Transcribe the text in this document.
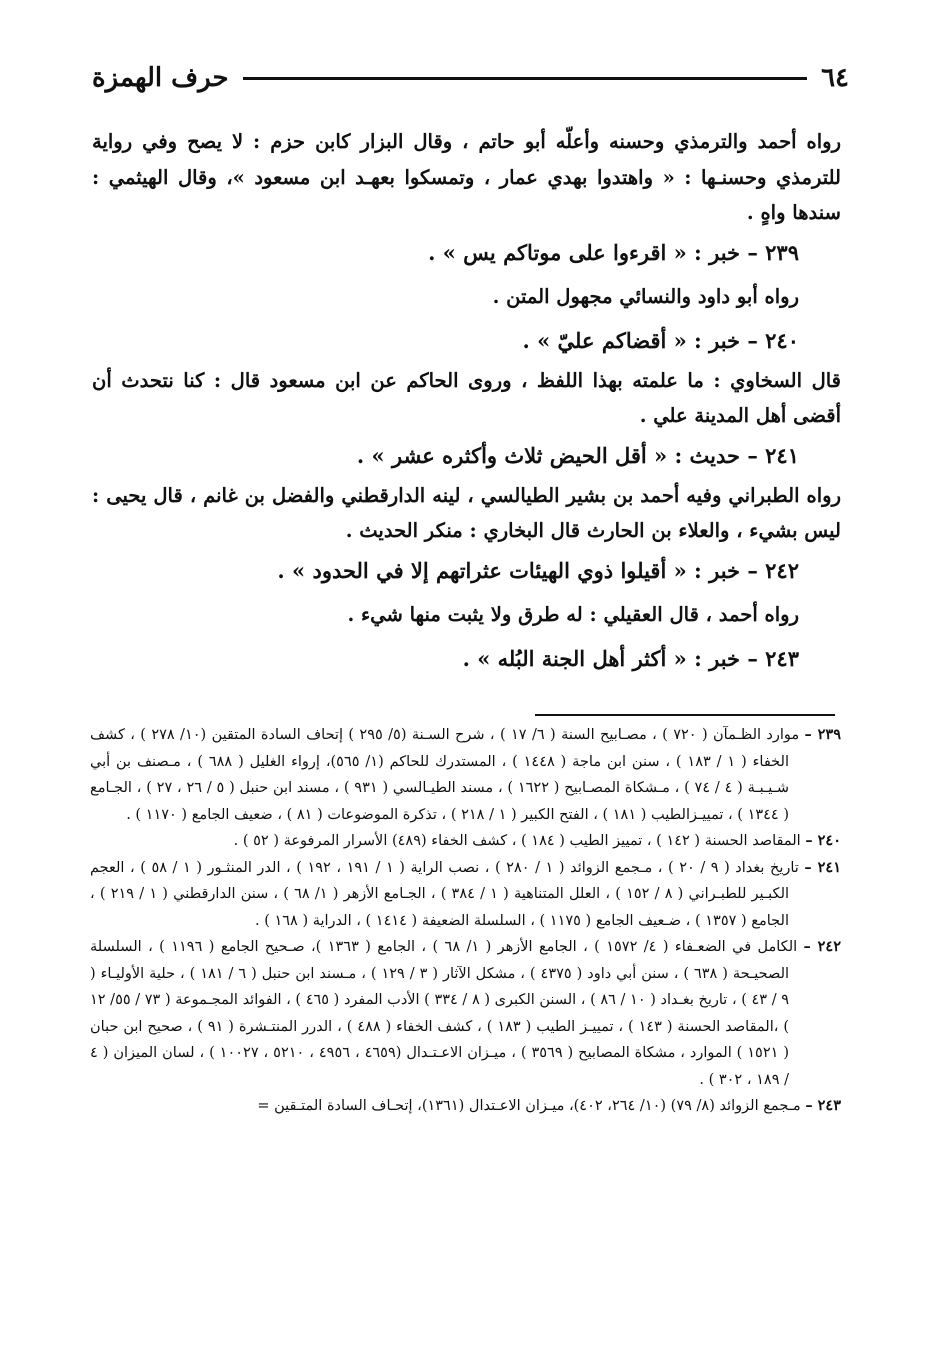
٦٤
حرف الهمزة
رواه أحمد والترمذي وحسنه وأعلّه أبو حاتم ، وقال البزار كابن حزم : لا يصح وفي رواية للترمذي وحسنـها : « واهتدوا بهدي عمار ، وتمسكوا بعهـد ابن مسعود »، وقال الهيثمي : سندها واهٍ .
٢٣٩ – خبر : « اقرءوا على موتاكم يس » .
رواه أبو داود والنسائي مجهول المتن .
٢٤٠ – خبر : « أقضاكم عليّ » .
قال السخاوي : ما علمته بهذا اللفظ ، وروى الحاكم عن ابن مسعود قال : كنا نتحدث أن أقضى أهل المدينة علي .
٢٤١ – حديث : « أقل الحيض ثلاث وأكثره عشر » .
رواه الطبراني وفيه أحمد بن بشير الطيالسي ، لينه الدارقطني والفضل بن غانم ، قال يحيى : ليس بشيء ، والعلاء بن الحارث قال البخاري : منكر الحديث .
٢٤٢ – خبر : « أقيلوا ذوي الهيئات عثراتهم إلا في الحدود » .
رواه أحمد ، قال العقيلي : له طرق ولا يثبت منها شيء .
٢٤٣ – خبر : « أكثر أهل الجنة البُله » .
٢٣٩ – موارد الظـمآن ( ٧٢٠ ) ، مصـابيح السنة ( ٦/ ١٧ ) ، شرح السـنة (٥/ ٢٩٥ ) إتحاف السادة المتقين (١٠/ ٢٧٨ ) ، كشف الخفاء ( ١ / ١٨٣ ) ، سنن ابن ماجة ( ١٤٤٨ ) ، المستدرك للحاكم (١/ ٥٦٥)، إرواء الغليل ( ٦٨٨ ) ، مـصنف بن أبي شـيـبـة ( ٤ / ٧٤ ) ، مـشكاة المصـابيح ( ١٦٢٢ ) ، مسند الطيـالسي ( ٩٣١ ) ، مسند ابن حنبل ( ٥ / ٢٦ ، ٢٧ ) ، الجـامع ( ١٣٤٤ ) ، تمييـزالطيب ( ١٨١ ) ، الفتح الكبير ( ١ / ٢١٨ ) ، تذكرة الموضوعات ( ٨١ ) ، ضعيف الجامع ( ١١٧٠ ) .
٢٤٠ – المقاصد الحسنة ( ١٤٢ ) ، تمييز الطيب ( ١٨٤ ) ، كشف الخفاء (٤٨٩) الأسرار المرفوعة ( ٥٢ ) .
٢٤١ – تاريخ بغداد ( ٩ / ٢٠ ) ، مـجمع الزوائد ( ١ / ٢٨٠ ) ، نصب الراية ( ١ / ١٩١ ، ١٩٢ ) ، الدر المنثـور ( ١ / ٥٨ ) ، العجم الكبـير للطبـراني ( ٨ / ١٥٢ ) ، العلل المتناهية ( ١ / ٣٨٤ ) ، الجـامع الأزهر ( ١/ ٦٨ ) ، سنن الدارقطني ( ١ / ٢١٩ ) ، الجامع ( ١٣٥٧ ) ، ضـعيف الجامع ( ١١٧٥ ) ، السلسلة الضعيفة ( ١٤١٤ ) ، الدراية ( ١٦٨ ) .
٢٤٢ – الكامل في الضعـفاء ( ٤/ ١٥٧٢ ) ، الجامع الأزهر ( ١/ ٦٨ ) ، الجامع ( ١٣٦٣ )، صـحيح الجامع ( ١١٩٦ ) ، السلسلة الصحيـحة ( ٦٣٨ ) ، سنن أبي داود ( ٤٣٧٥ ) ، مشكل الآثار ( ٣ / ١٢٩ ) ، مـسند ابن حنبل ( ٦ / ١٨١ ) ، حلية الأوليـاء ( ٩ / ٤٣ ) ، تاريخ بغـداد ( ١٠ / ٨٦ ) ، السنن الكبرى ( ٨ / ٣٣٤ ) الأدب المفرد ( ٤٦٥ ) ، الفوائد المجـموعة ( ٧٣ / ٥٥/ ١٢ ) ،المقاصد الحسنة ( ١٤٣ ) ، تمييـز الطيب ( ١٨٣ ) ، كشف الخفاء ( ٤٨٨ ) ، الدرر المنتـشرة ( ٩١ ) ، صحيح ابن حبان ( ١٥٢١ ) الموارد ، مشكاة المصابيح ( ٣٥٦٩ ) ، ميـزان الاعـتـدال (٤٦٥٩ ، ٤٩٥٦ ، ٥٢١٠ ، ١٠٠٢٧ ) ، لسان الميزان ( ٤ / ١٨٩ ، ٣٠٢ ) .
٢٤٣ – مـجمع الزوائد (٨/ ٧٩) (١٠/ ٢٦٤، ٤٠٢)، ميـزان الاعـتدال (١٣٦١)، إتحـاف السادة المتـقين =
